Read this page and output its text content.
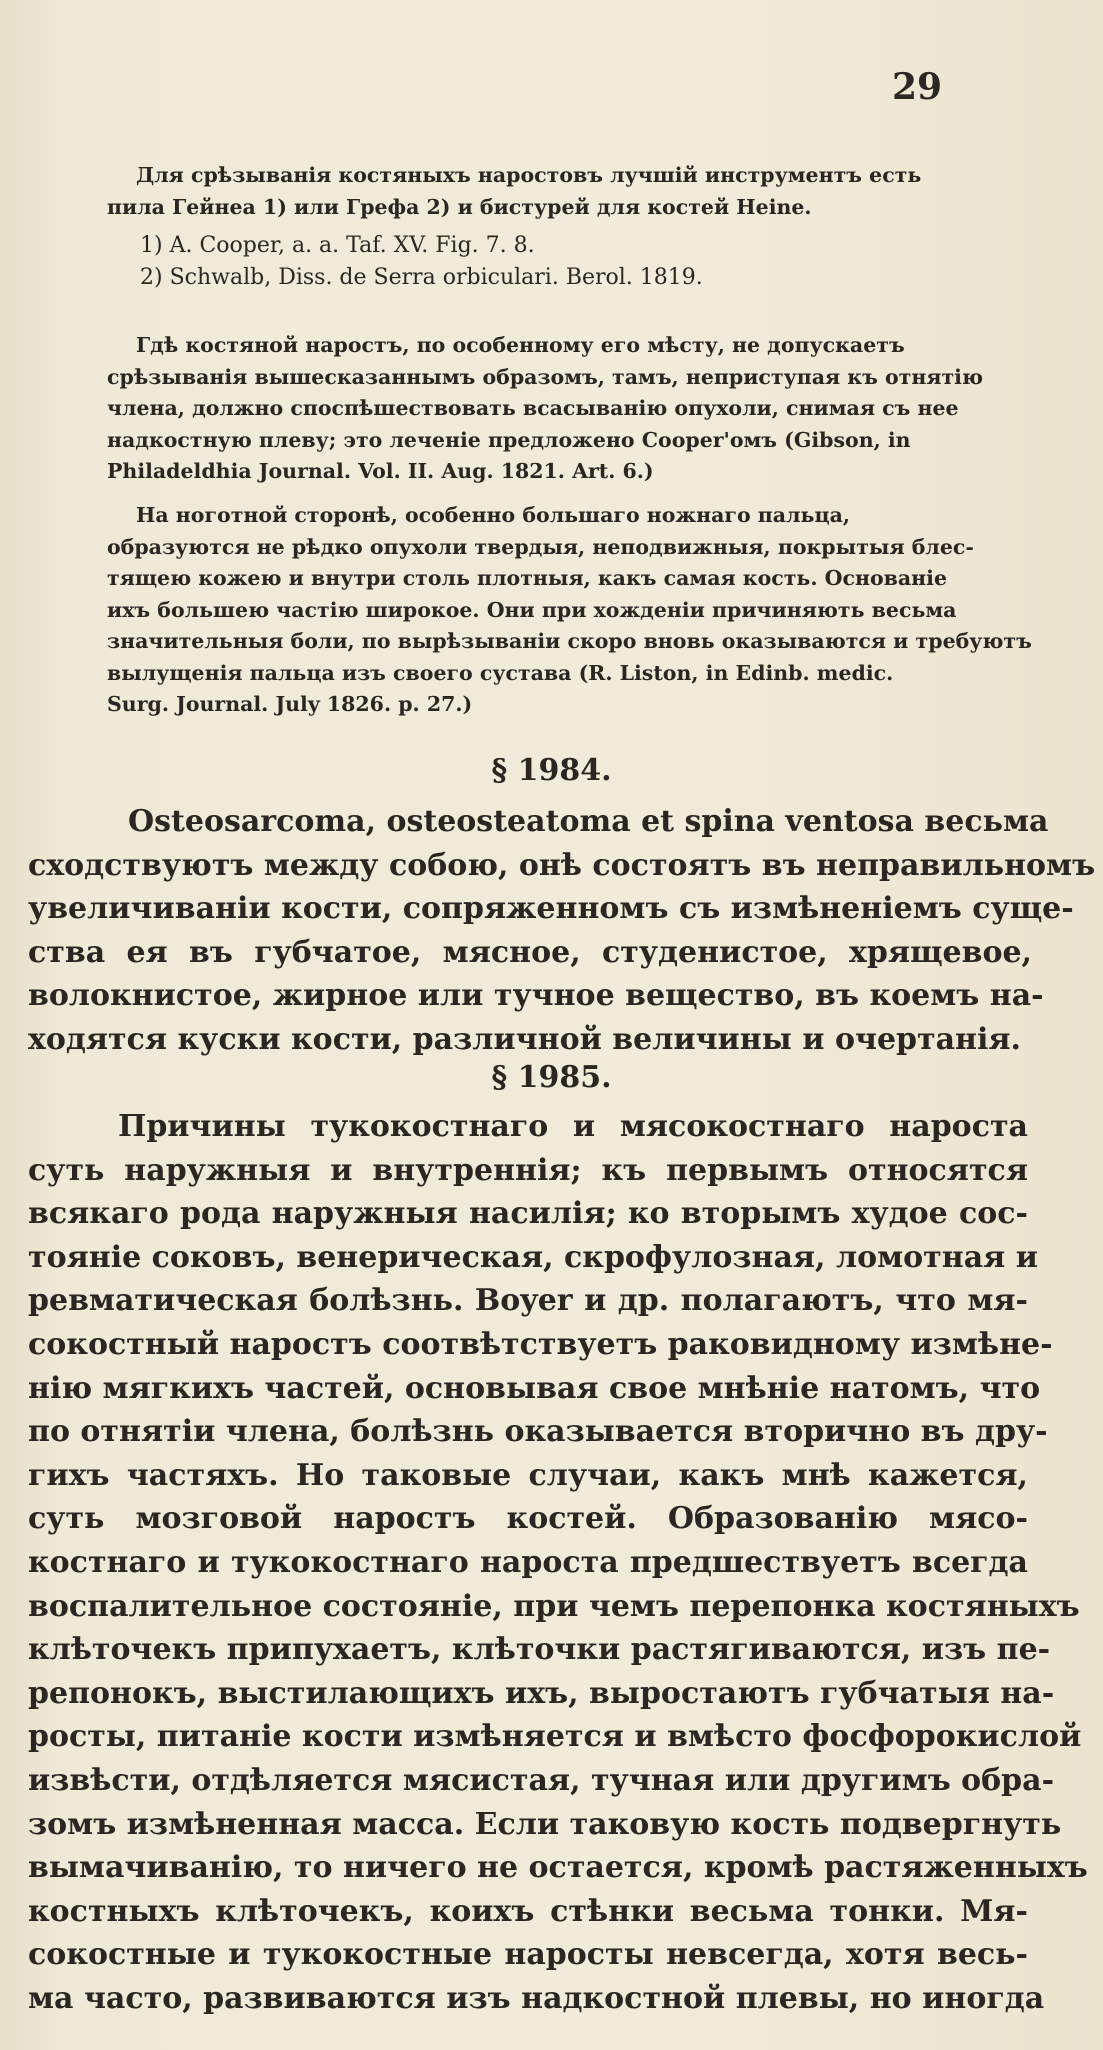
29
Для срѣзыванія костяныхъ наростовъ лучшій инструментъ есть
пила Гейнеа 1) или Грефа 2) и бистурей для костей Heine.
1) A. Cooper, a. a. Taf. XV. Fig. 7. 8.
2) Schwalb, Diss. de Serra orbiculari. Berol. 1819.
Гдѣ костяной наростъ, по особенному его мѣсту, не допускаетъ
срѣзыванія вышесказаннымъ образомъ, тамъ, неприступая къ отнятію
члена, должно споспѣшествовать всасыванію опухоли, снимая съ нее
надкостную плеву; это леченіе предложено Cooper'омъ (Gibson, in
Philadeldhia Journal. Vol. II. Aug. 1821. Art. 6.)
На ноготной сторонѣ, особенно большаго ножнаго пальца,
образуются не рѣдко опухоли твердыя, неподвижныя, покрытыя блес-
тящею кожею и внутри столь плотныя, какъ самая кость. Основаніе
ихъ большею частію широкое. Они при хожденіи причиняють весьма
значительныя боли, по вырѣзываніи скоро вновь оказываются и требуютъ
вылущенія пальца изъ своего сустава (R. Liston, in Edinb. medic.
Surg. Journal. July 1826. p. 27.)
§ 1984.
Osteosarcoma, osteosteatoma et spina ventosa весьма
сходствуютъ между собою, онѣ состоятъ въ неправильномъ
увеличиваніи кости, сопряженномъ съ измѣненіемъ суще-
ства ея въ губчатое, мясное, студенистое, хрящевое,
волокнистое, жирное или тучное вещество, въ коемъ на-
ходятся куски кости, различной величины и очертанія.
§ 1985.
Причины тукокостнаго и мясокостнаго нароста
суть наружныя и внутреннія; къ первымъ относятся
всякаго рода наружныя насилія; ко вторымъ худое сос-
тояніе соковъ, венерическая, скрофулозная, ломотная и
ревматическая болѣзнь. Boyer и др. полагаютъ, что мя-
сокостный наростъ соотвѣтствуетъ раковидному измѣне-
нію мягкихъ частей, основывая свое мнѣніе натомъ, что
по отнятіи члена, болѣзнь оказывается вторично въ дру-
гихъ частяхъ. Но таковые случаи, какъ мнѣ кажется,
суть мозговой наростъ костей. Образованію мясо-
костнаго и тукокостнаго нароста предшествуетъ всегда
воспалительное состояніе, при чемъ перепонка костяныхъ
клѣточекъ припухаетъ, клѣточки растягиваются, изъ пе-
репонокъ, выстилающихъ ихъ, выростаютъ губчатыя на-
росты, питаніе кости измѣняется и вмѣсто фосфорокислой
извѣсти, отдѣляется мясистая, тучная или другимъ обра-
зомъ измѣненная масса. Если таковую кость подвергнуть
вымачиванію, то ничего не остается, кромѣ растяженныхъ
костныхъ клѣточекъ, коихъ стѣнки весьма тонки. Мя-
сокостные и тукокостные наросты невсегда, хотя весь-
ма часто, развиваются изъ надкостной плевы, но иногда
